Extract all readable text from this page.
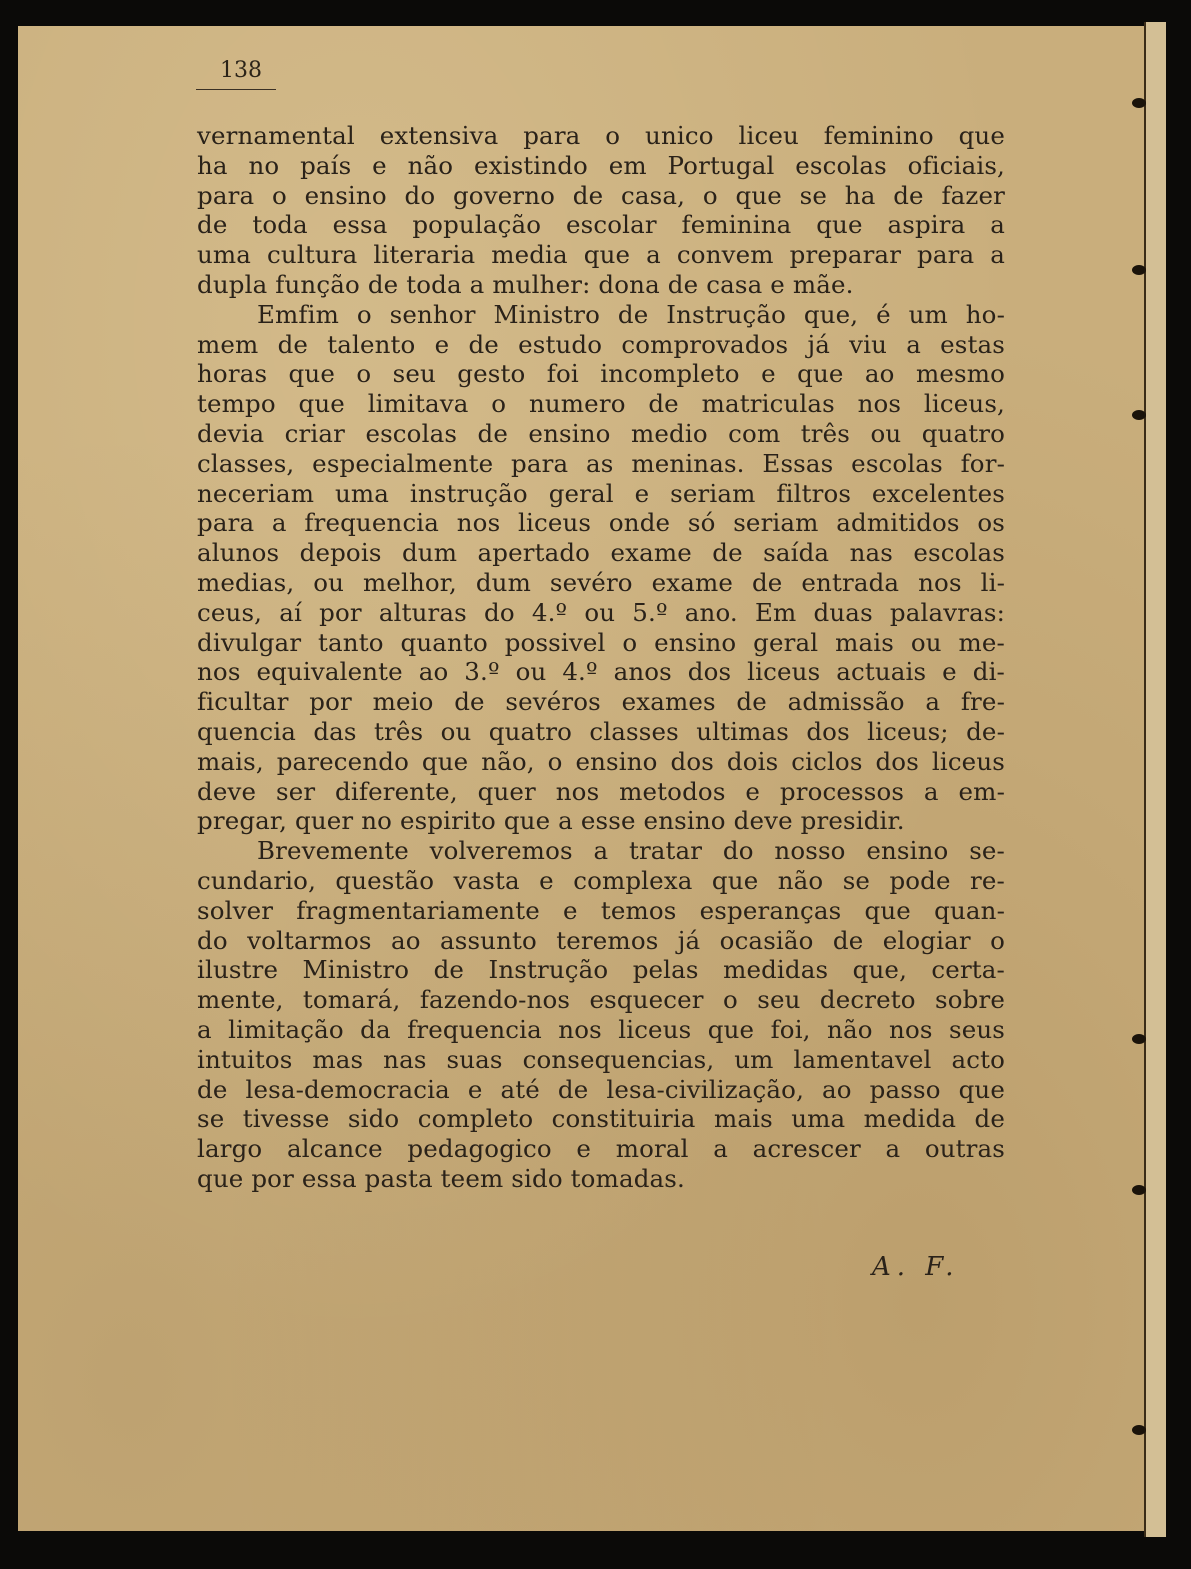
138
vernamental extensiva para o unico liceu feminino que
ha no país e não existindo em Portugal escolas oficiais,
para o ensino do governo de casa, o que se ha de fazer
de toda essa população escolar feminina que aspira a
uma cultura literaria media que a convem preparar para a
dupla função de toda a mulher: dona de casa e mãe.
Emfim o senhor Ministro de Instrução que, é um ho-
mem de talento e de estudo comprovados já viu a estas
horas que o seu gesto foi incompleto e que ao mesmo
tempo que limitava o numero de matriculas nos liceus,
devia criar escolas de ensino medio com três ou quatro
classes, especialmente para as meninas. Essas escolas for-
neceriam uma instrução geral e seriam filtros excelentes
para a frequencia nos liceus onde só seriam admitidos os
alunos depois dum apertado exame de saída nas escolas
medias, ou melhor, dum sevéro exame de entrada nos li-
ceus, aí por alturas do 4.º ou 5.º ano. Em duas palavras:
divulgar tanto quanto possivel o ensino geral mais ou me-
nos equivalente ao 3.º ou 4.º anos dos liceus actuais e di-
ficultar por meio de sevéros exames de admissão a fre-
quencia das três ou quatro classes ultimas dos liceus; de-
mais, parecendo que não, o ensino dos dois ciclos dos liceus
deve ser diferente, quer nos metodos e processos a em-
pregar, quer no espirito que a esse ensino deve presidir.
Brevemente volveremos a tratar do nosso ensino se-
cundario, questão vasta e complexa que não se pode re-
solver fragmentariamente e temos esperanças que quan-
do voltarmos ao assunto teremos já ocasião de elogiar o
ilustre Ministro de Instrução pelas medidas que, certa-
mente, tomará, fazendo-nos esquecer o seu decreto sobre
a limitação da frequencia nos liceus que foi, não nos seus
intuitos mas nas suas consequencias, um lamentavel acto
de lesa-democracia e até de lesa-civilização, ao passo que
se tivesse sido completo constituiria mais uma medida de
largo alcance pedagogico e moral a acrescer a outras
que por essa pasta teem sido tomadas.
A. F.
